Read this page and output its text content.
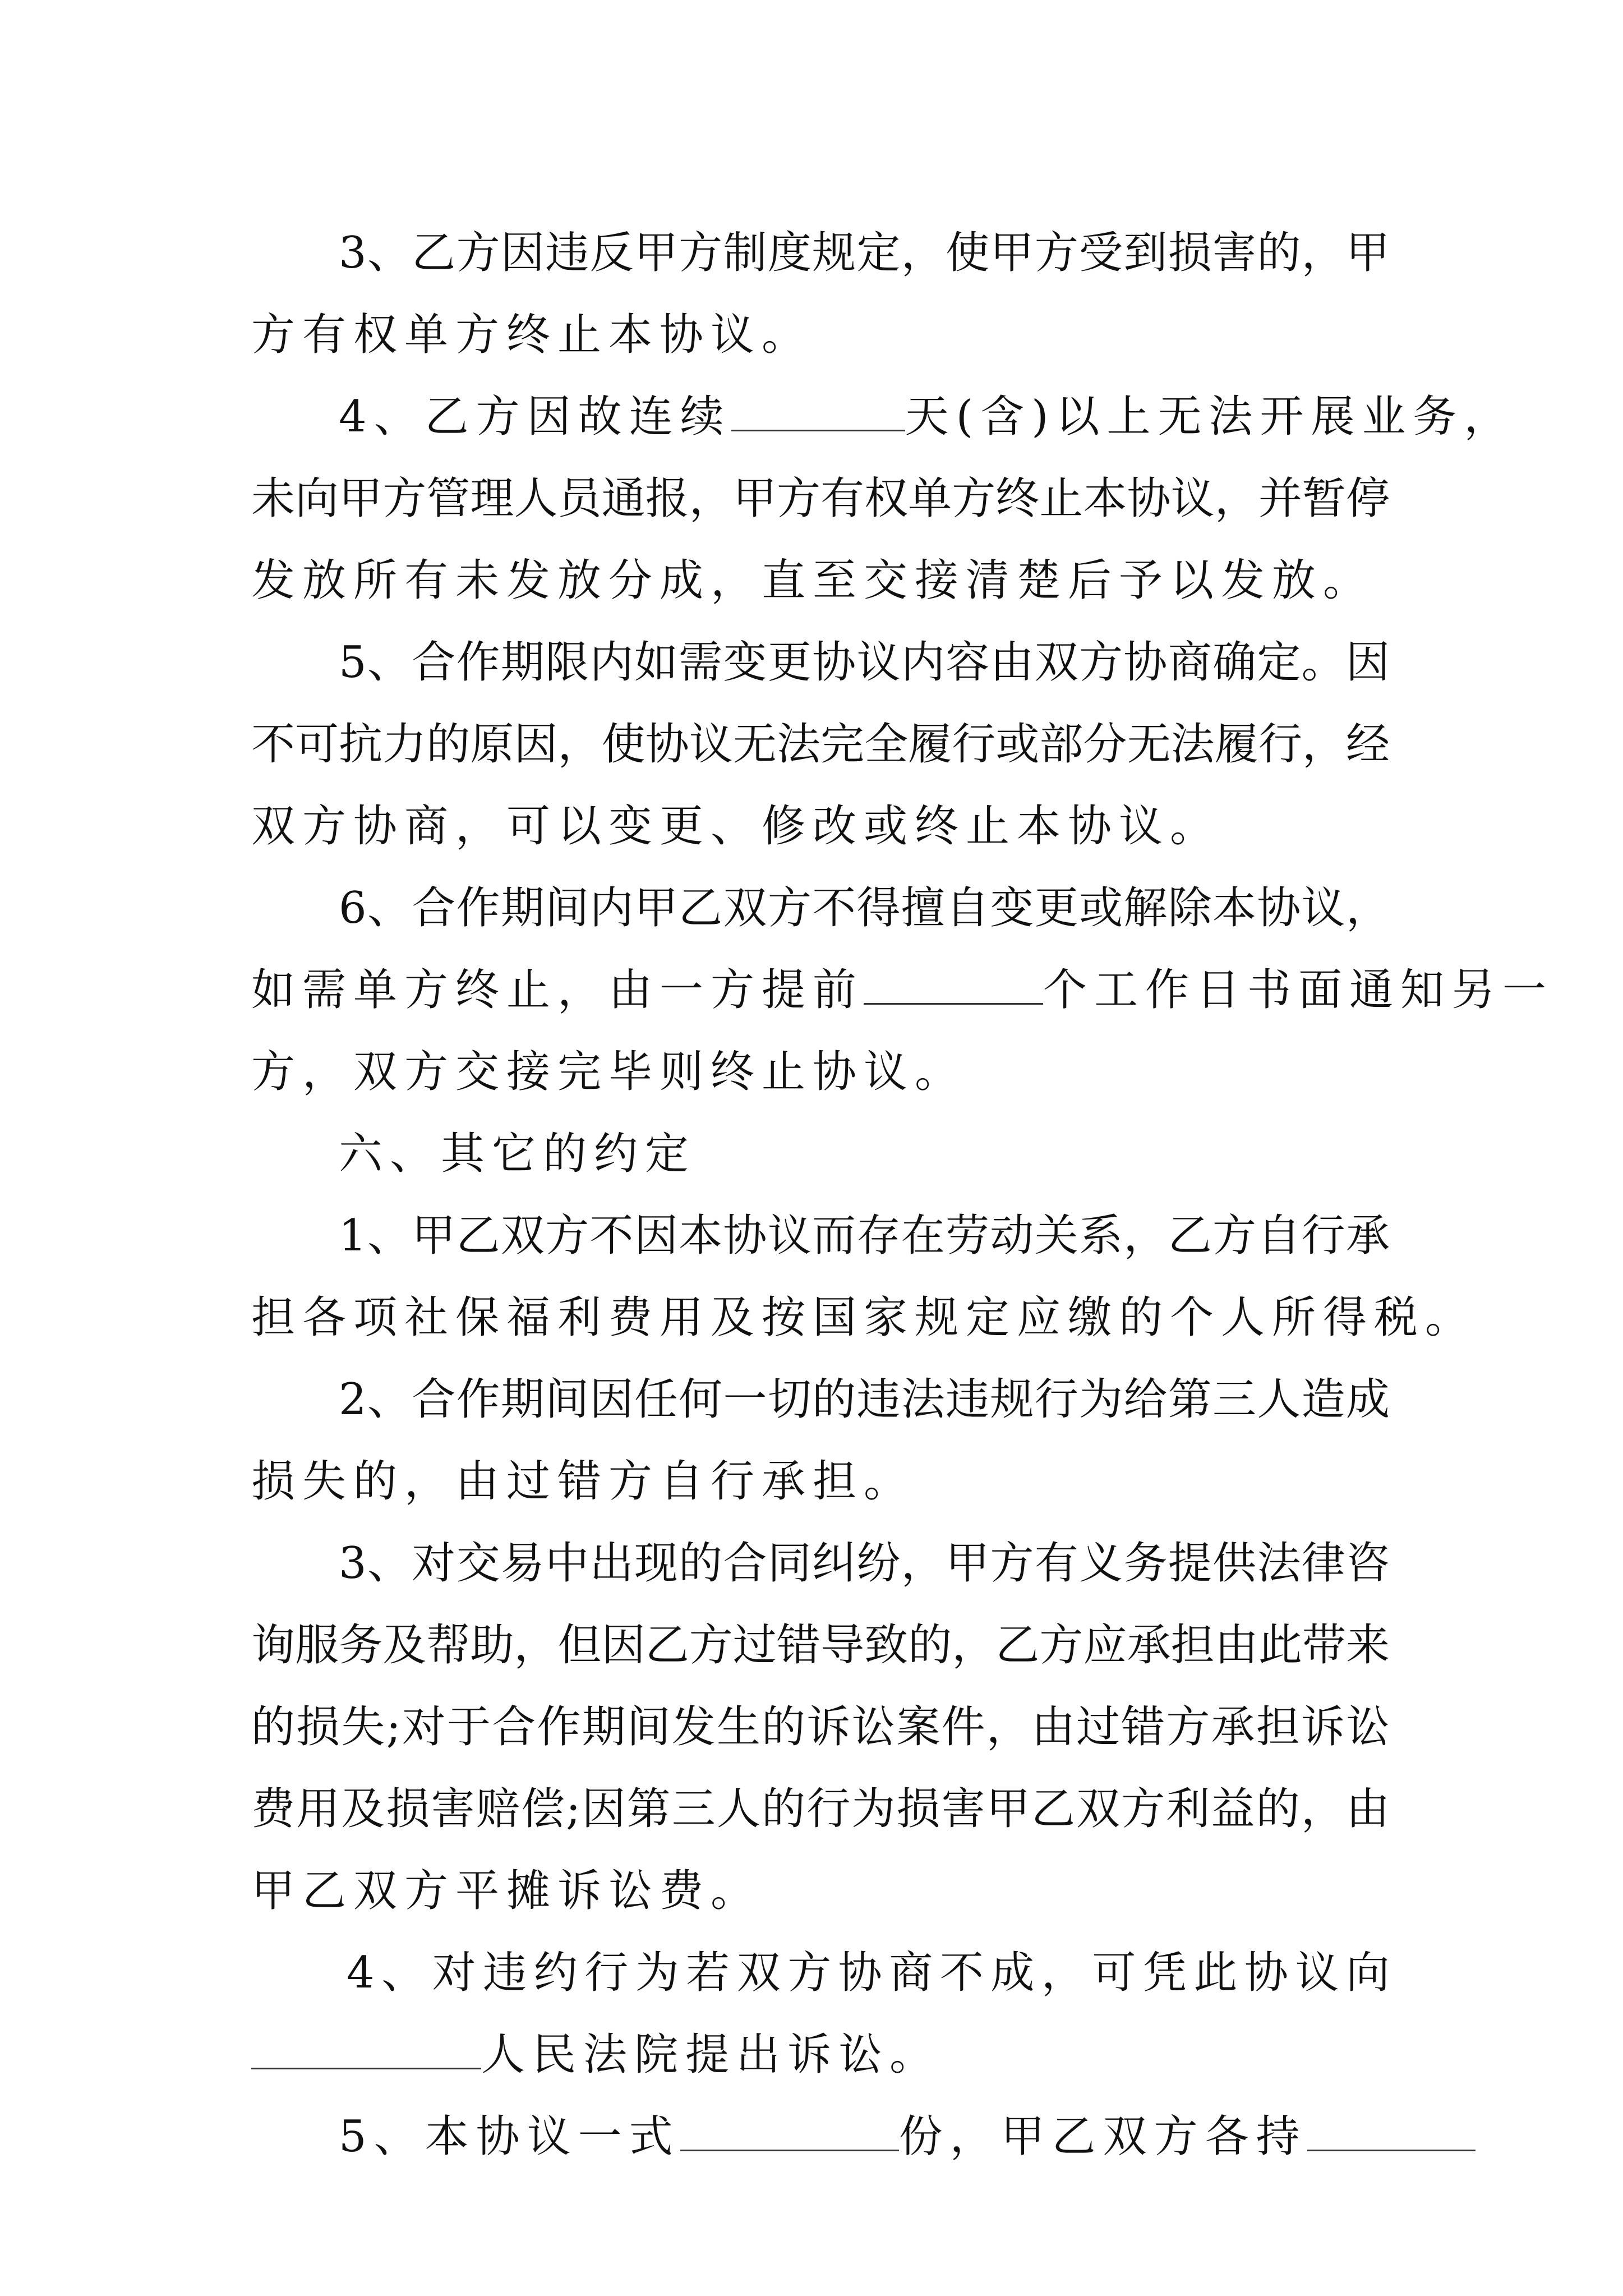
3、乙方因违反甲方制度规定，使甲方受到损害的，甲
方有权单方终止本协议。
4、乙方因故连续	天(含)以上无法开展业务，
未向甲方管理人员通报，甲方有权单方终止本协议，并暂停
发放所有未发放分成，直至交接清楚后予以发放。
5、合作期限内如需变更协议内容由双方协商确定。因
不可抗力的原因，使协议无法完全履行或部分无法履行，经
双方协商，可以变更、修改或终止本协议。
6、合作期间内甲乙双方不得擅自变更或解除本协议，
如需单方终止，由一方提前	个工作日书面通知另一
方，双方交接完毕则终止协议。
六、其它的约定
1、甲乙双方不因本协议而存在劳动关系，乙方自行承
担各项社保福利费用及按国家规定应缴的个人所得税。
2、合作期间因任何一切的违法违规行为给第三人造成
损失的，由过错方自行承担。
3、对交易中出现的合同纠纷，甲方有义务提供法律咨
询服务及帮助，但因乙方过错导致的，乙方应承担由此带来
的损失;对于合作期间发生的诉讼案件，由过错方承担诉讼
费用及损害赔偿;因第三人的行为损害甲乙双方利益的，由
甲乙双方平摊诉讼费。
4、对违约行为若双方协商不成，可凭此协议向
人民法院提出诉讼。
5、本协议一式	份，甲乙双方各持
